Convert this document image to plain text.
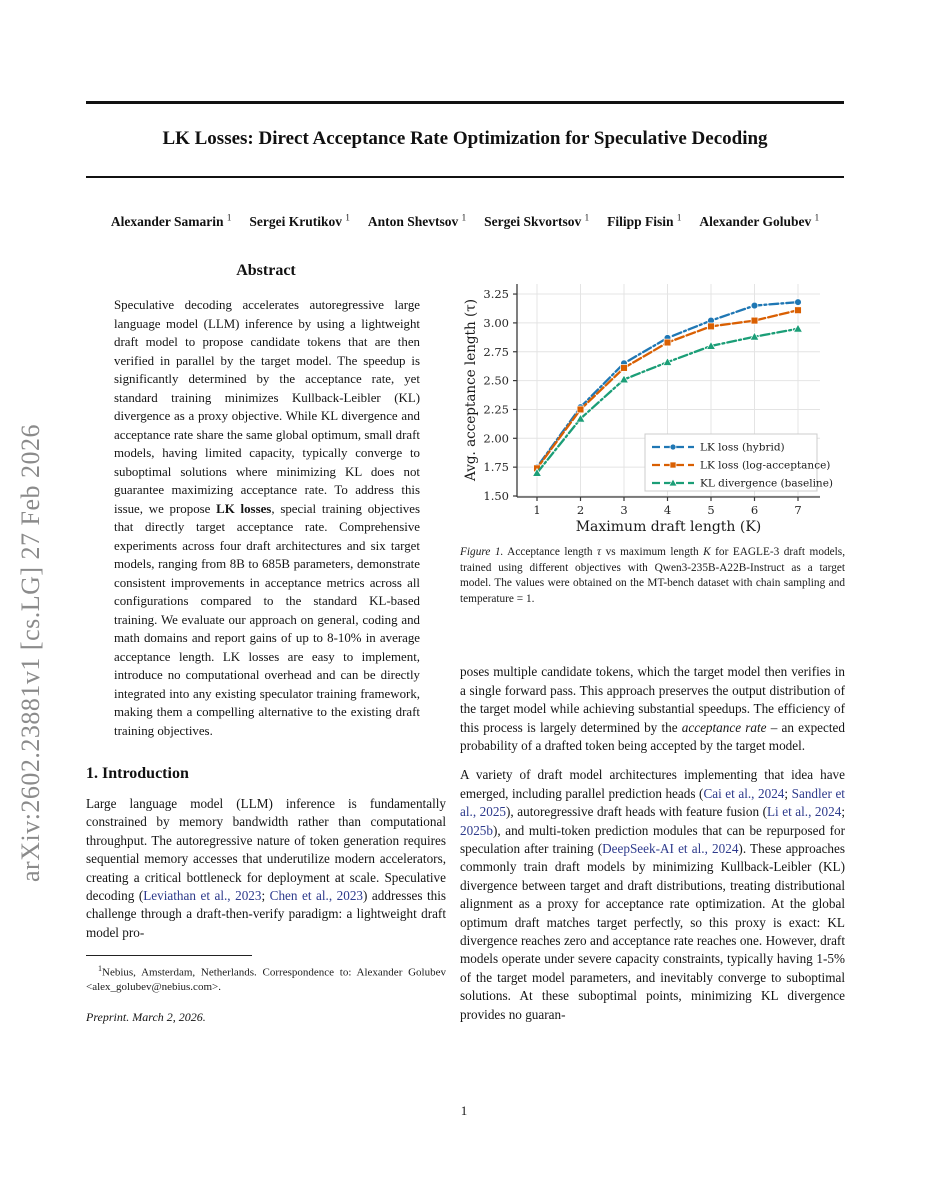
arXiv:2602.23881v1 [cs.LG] 27 Feb 2026
LK Losses: Direct Acceptance Rate Optimization for Speculative Decoding
Alexander Samarin $^1$ Sergei Krutikov $^1$ Anton Shevtsov $^1$ Sergei Skvortsov $^1$ Filipp Fisin $^1$ Alexander Golubev $^1$
Abstract

Speculative decoding accelerates autoregressive large language model (LLM) inference by using a lightweight draft model to propose candidate tokens that are then verified in parallel by the target model. The speedup is significantly determined by the acceptance rate, yet standard training minimizes Kullback-Leibler (KL) divergence as a proxy objective. While KL divergence and acceptance rate share the same global optimum, small draft models, having limited capacity, typically converge to suboptimal solutions where minimizing KL does not guarantee maximizing acceptance rate. To address this issue, we propose LK losses, special training objectives that directly target acceptance rate. Comprehensive experiments across four draft architectures and six target models, ranging from 8B to 685B parameters, demonstrate consistent improvements in acceptance metrics across all configurations compared to the standard KL-based training. We evaluate our approach on general, coding and math domains and report gains of up to 8-10% in average acceptance length. LK losses are easy to implement, introduce no computational overhead and can be directly integrated into any existing speculator training framework, making them a compelling alternative to the existing draft training objectives.

1. Introduction

Large language model (LLM) inference is fundamentally constrained by memory bandwidth rather than computational throughput. The autoregressive nature of token generation requires sequential memory accesses that underutilize modern accelerators, creating a critical bottleneck for deployment at scale. Speculative decoding (Leviathan et al., 2023; Chen et al., 2023) addresses this challenge through a draft-then-verify paradigm: a lightweight draft model pro-

$^1$Nebius, Amsterdam, Netherlands. Correspondence to: Alexander Golubev <alex_golubev@nebius.com>.

Preprint. March 2, 2026.

1.50
1.75
2.00
2.25
2.50
2.75
3.00
3.25
1	2	3	4	5	6	7
Maximum draft length (K)
Avg. acceptance length (τ)	LK loss (hybrid)
LK loss (log-acceptance)
KL divergence (baseline)

Figure 1. Acceptance length τ vs maximum length K for EAGLE-3 draft models, trained using different objectives with Qwen3-235B-A22B-Instruct as a target model. The values were obtained on the MT-bench dataset with chain sampling and temperature = 1.

poses multiple candidate tokens, which the target model then verifies in a single forward pass. This approach preserves the output distribution of the target model while achieving substantial speedups. The efficiency of this process is largely determined by the acceptance rate – an expected probability of a drafted token being accepted by the target model.

A variety of draft model architectures implementing that idea have emerged, including parallel prediction heads (Cai et al., 2024; Sandler et al., 2025), autoregressive draft heads with feature fusion (Li et al., 2024; 2025b), and multi-token prediction modules that can be repurposed for speculation after training (DeepSeek-AI et al., 2024). These approaches commonly train draft models by minimizing Kullback-Leibler (KL) divergence between target and draft distributions, treating distributional alignment as a proxy for acceptance rate optimization. At the global optimum draft matches target perfectly, so this proxy is exact: KL divergence reaches zero and acceptance rate reaches one. However, draft models operate under severe capacity constraints, typically having 1-5% of the target model parameters, and inevitably converge to suboptimal solutions. At these suboptimal points, minimizing KL divergence provides no guaran-

1
